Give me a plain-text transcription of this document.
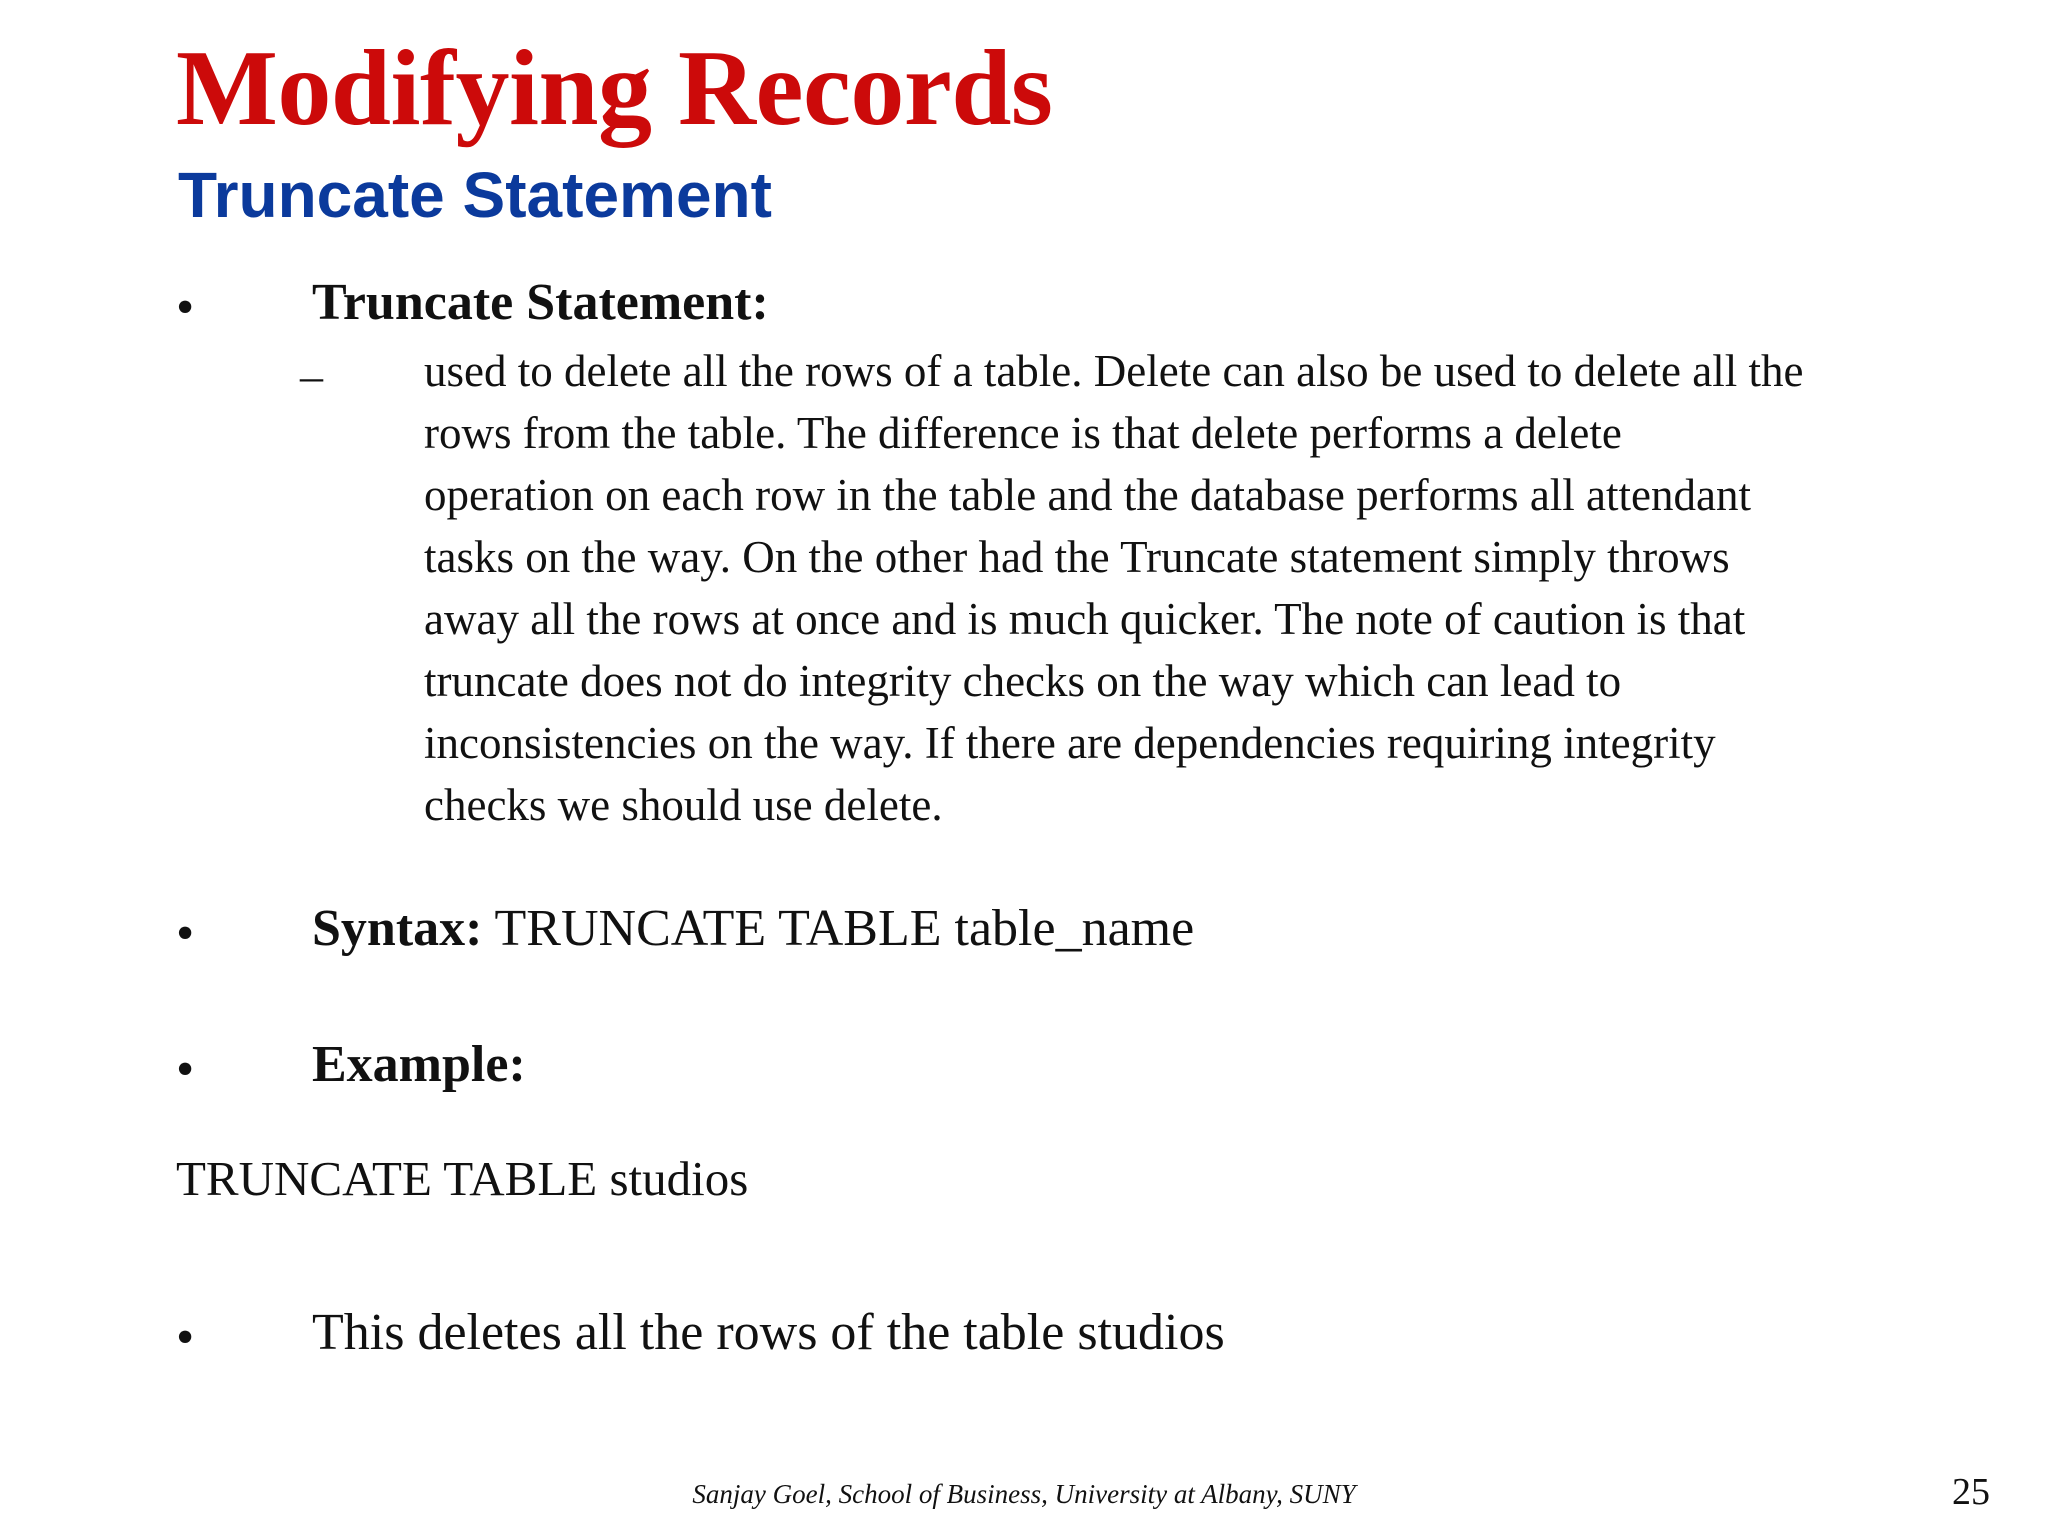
Modifying Records
Truncate Statement
• Truncate Statement:
– used to delete all the rows of a table. Delete can also be used to delete all the
rows from the table. The difference is that delete performs a delete
operation on each row in the table and the database performs all attendant
tasks on the way. On the other had the Truncate statement simply throws
away all the rows at once and is much quicker. The note of caution is that
truncate does not do integrity checks on the way which can lead to
inconsistencies on the way. If there are dependencies requiring integrity
checks we should use delete.

• Syntax: TRUNCATE TABLE table_name
• Example:
TRUNCATE TABLE studios
• This deletes all the rows of the table studios
Sanjay Goel, School of Business, University at Albany, SUNY	25
